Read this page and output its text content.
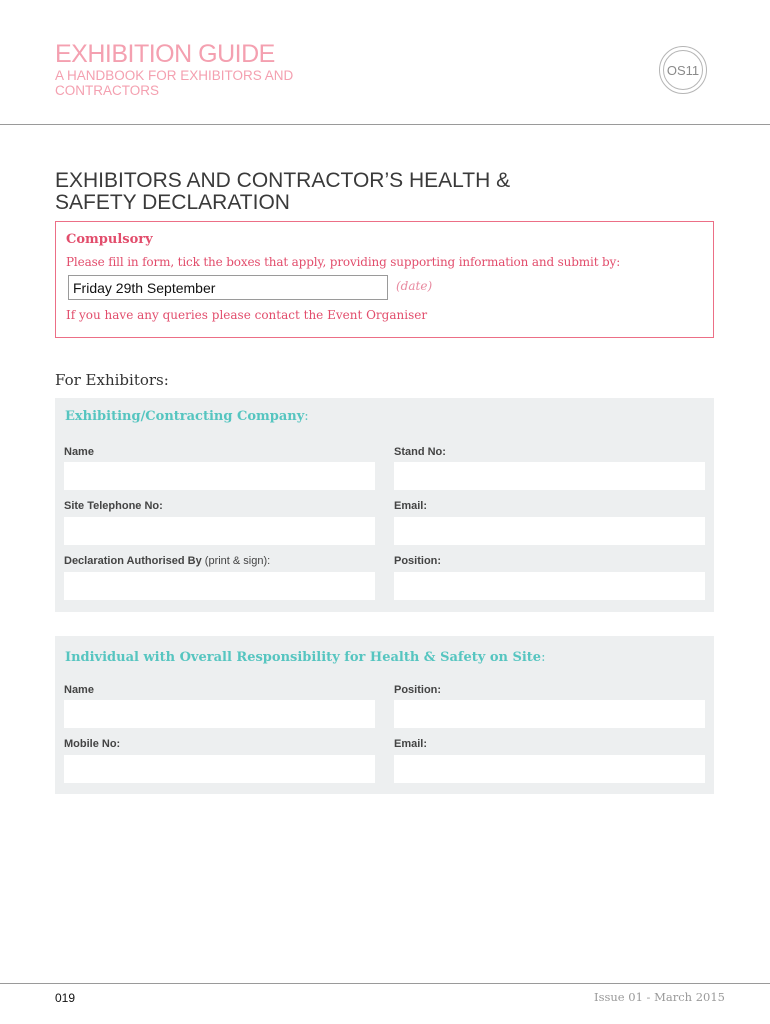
EXHIBITION GUIDE
A HANDBOOK FOR EXHIBITORS AND CONTRACTORS
OS11
EXHIBITORS AND CONTRACTOR’S HEALTH & SAFETY DECLARATION
Compulsory
Please fill in form, tick the boxes that apply, providing supporting information and submit by:
Friday 29th September
(date)
If you have any queries please contact the Event Organiser
For Exhibitors:
Exhibiting/Contracting Company:
Name	Stand No:
Site Telephone No:	Email:
Declaration Authorised By (print & sign):	Position:
Individual with Overall Responsibility for Health & Safety on Site:
Name	Position:
Mobile No:	Email:
019	Issue 01 - March 2015
